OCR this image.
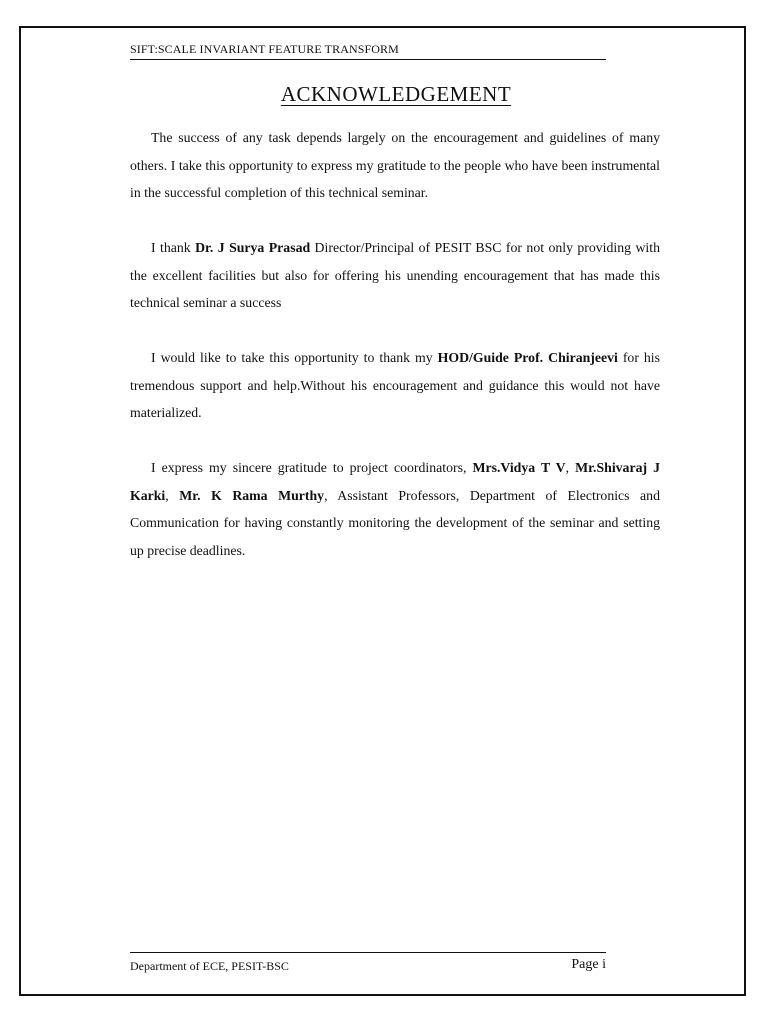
SIFT:SCALE INVARIANT FEATURE TRANSFORM
ACKNOWLEDGEMENT

The success of any task depends largely on the encouragement and guidelines of many others. I take this opportunity to express my gratitude to the people who have been instrumental in the successful completion of this technical seminar.

I thank Dr. J Surya Prasad Director/Principal of PESIT BSC for not only providing with the excellent facilities but also for offering his unending encouragement that has made this technical seminar a success

I would like to take this opportunity to thank my HOD/Guide Prof. Chiranjeevi for his tremendous support and help.Without his encouragement and guidance this would not have materialized.

I express my sincere gratitude to project coordinators, Mrs.Vidya T V, Mr.Shivaraj J Karki, Mr. K Rama Murthy, Assistant Professors, Department of Electronics and Communication for having constantly monitoring the development of the seminar and setting up precise deadlines.

Department of ECE, PESIT-BSC	Page i
